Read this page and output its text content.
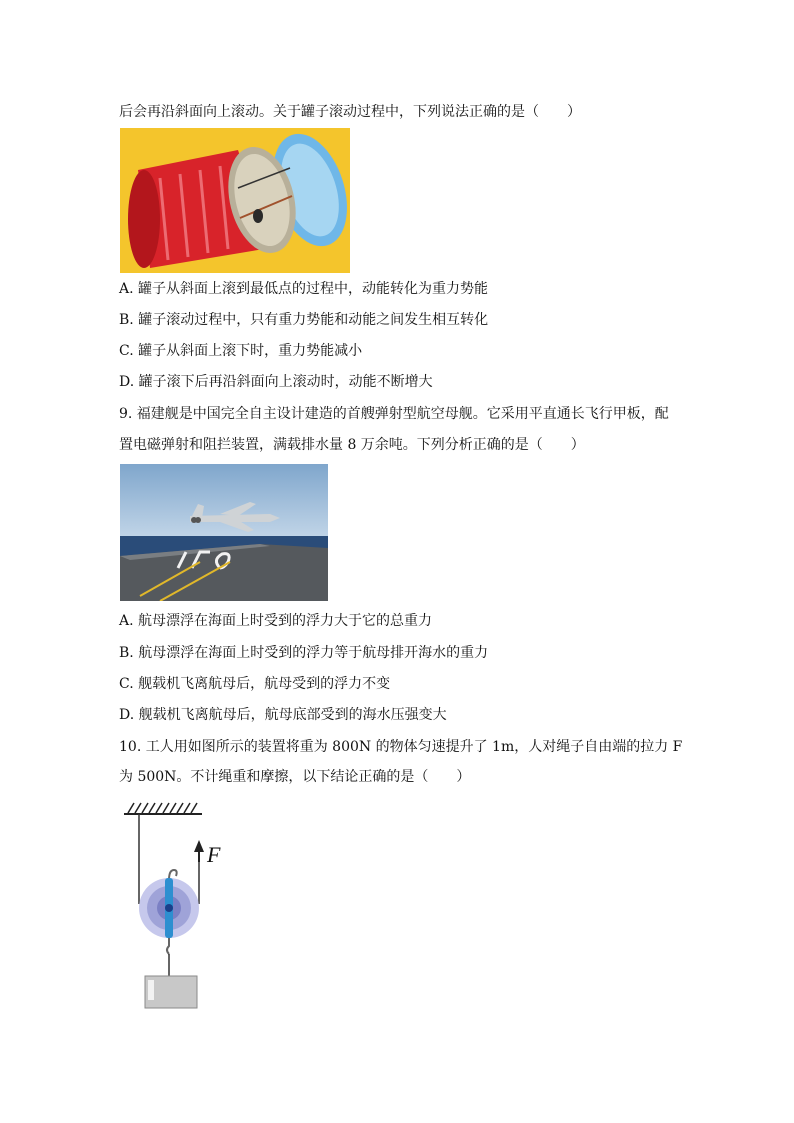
后会再沿斜面向上滚动。关于罐子滚动过程中，下列说法正确的是（　　）
A. 罐子从斜面上滚到最低点的过程中，动能转化为重力势能
B. 罐子滚动过程中，只有重力势能和动能之间发生相互转化
C. 罐子从斜面上滚下时，重力势能减小
D. 罐子滚下后再沿斜面向上滚动时，动能不断增大
9. 福建舰是中国完全自主设计建造的首艘弹射型航空母舰。它采用平直通长飞行甲板，配
置电磁弹射和阻拦装置，满载排水量 8 万余吨。下列分析正确的是（　　）
A. 航母漂浮在海面上时受到的浮力大于它的总重力
B. 航母漂浮在海面上时受到的浮力等于航母排开海水的重力
C. 舰载机飞离航母后，航母受到的浮力不变
D. 舰载机飞离航母后，航母底部受到的海水压强变大
10. 工人用如图所示的装置将重为 800N 的物体匀速提升了 1m，人对绳子自由端的拉力 F
为 500N。不计绳重和摩擦，以下结论正确的是（　　）
F
